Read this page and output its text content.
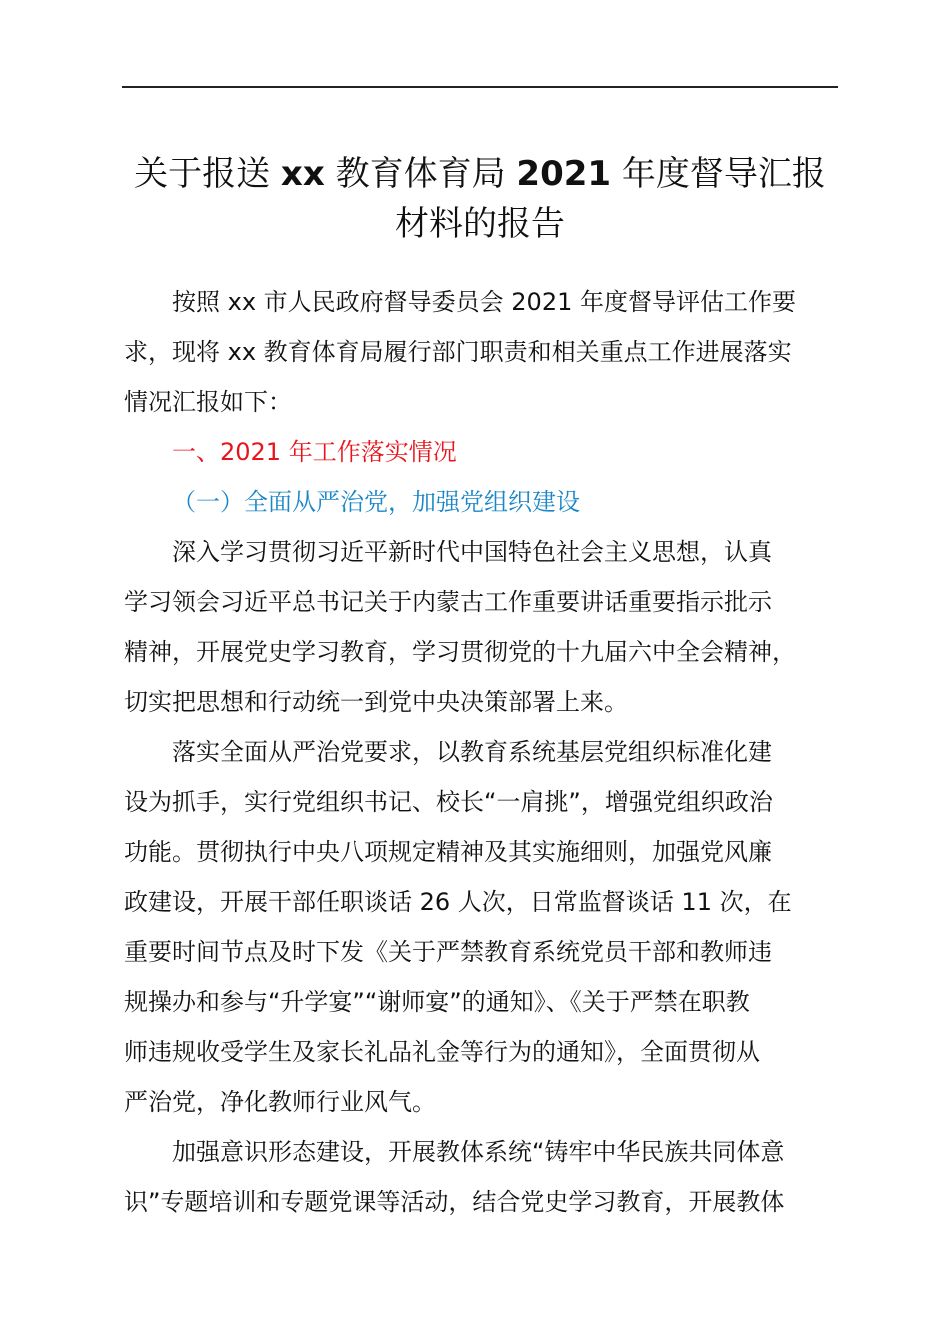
关于报送 xx 教育体育局 2021 年度督导汇报
材料的报告

按照 xx 市人民政府督导委员会 2021 年度督导评估工作要

求，现将 xx 教育体育局履行部门职责和相关重点工作进展落实

情况汇报如下：

一、2021 年工作落实情况

（一）全面从严治党，加强党组织建设

深入学习贯彻习近平新时代中国特色社会主义思想，认真

学习领会习近平总书记关于内蒙古工作重要讲话重要指示批示

精神，开展党史学习教育，学习贯彻党的十九届六中全会精神，

切实把思想和行动统一到党中央决策部署上来。

落实全面从严治党要求，以教育系统基层党组织标准化建

设为抓手，实行党组织书记、校长“一肩挑”，增强党组织政治

功能。贯彻执行中央八项规定精神及其实施细则，加强党风廉

政建设，开展干部任职谈话 26 人次，日常监督谈话 11 次，在

重要时间节点及时下发《关于严禁教育系统党员干部和教师违

规操办和参与“升学宴”“谢师宴”的通知》、《关于严禁在职教

师违规收受学生及家长礼品礼金等行为的通知》，全面贯彻从

严治党，净化教师行业风气。

加强意识形态建设，开展教体系统“铸牢中华民族共同体意

识”专题培训和专题党课等活动，结合党史学习教育，开展教体
